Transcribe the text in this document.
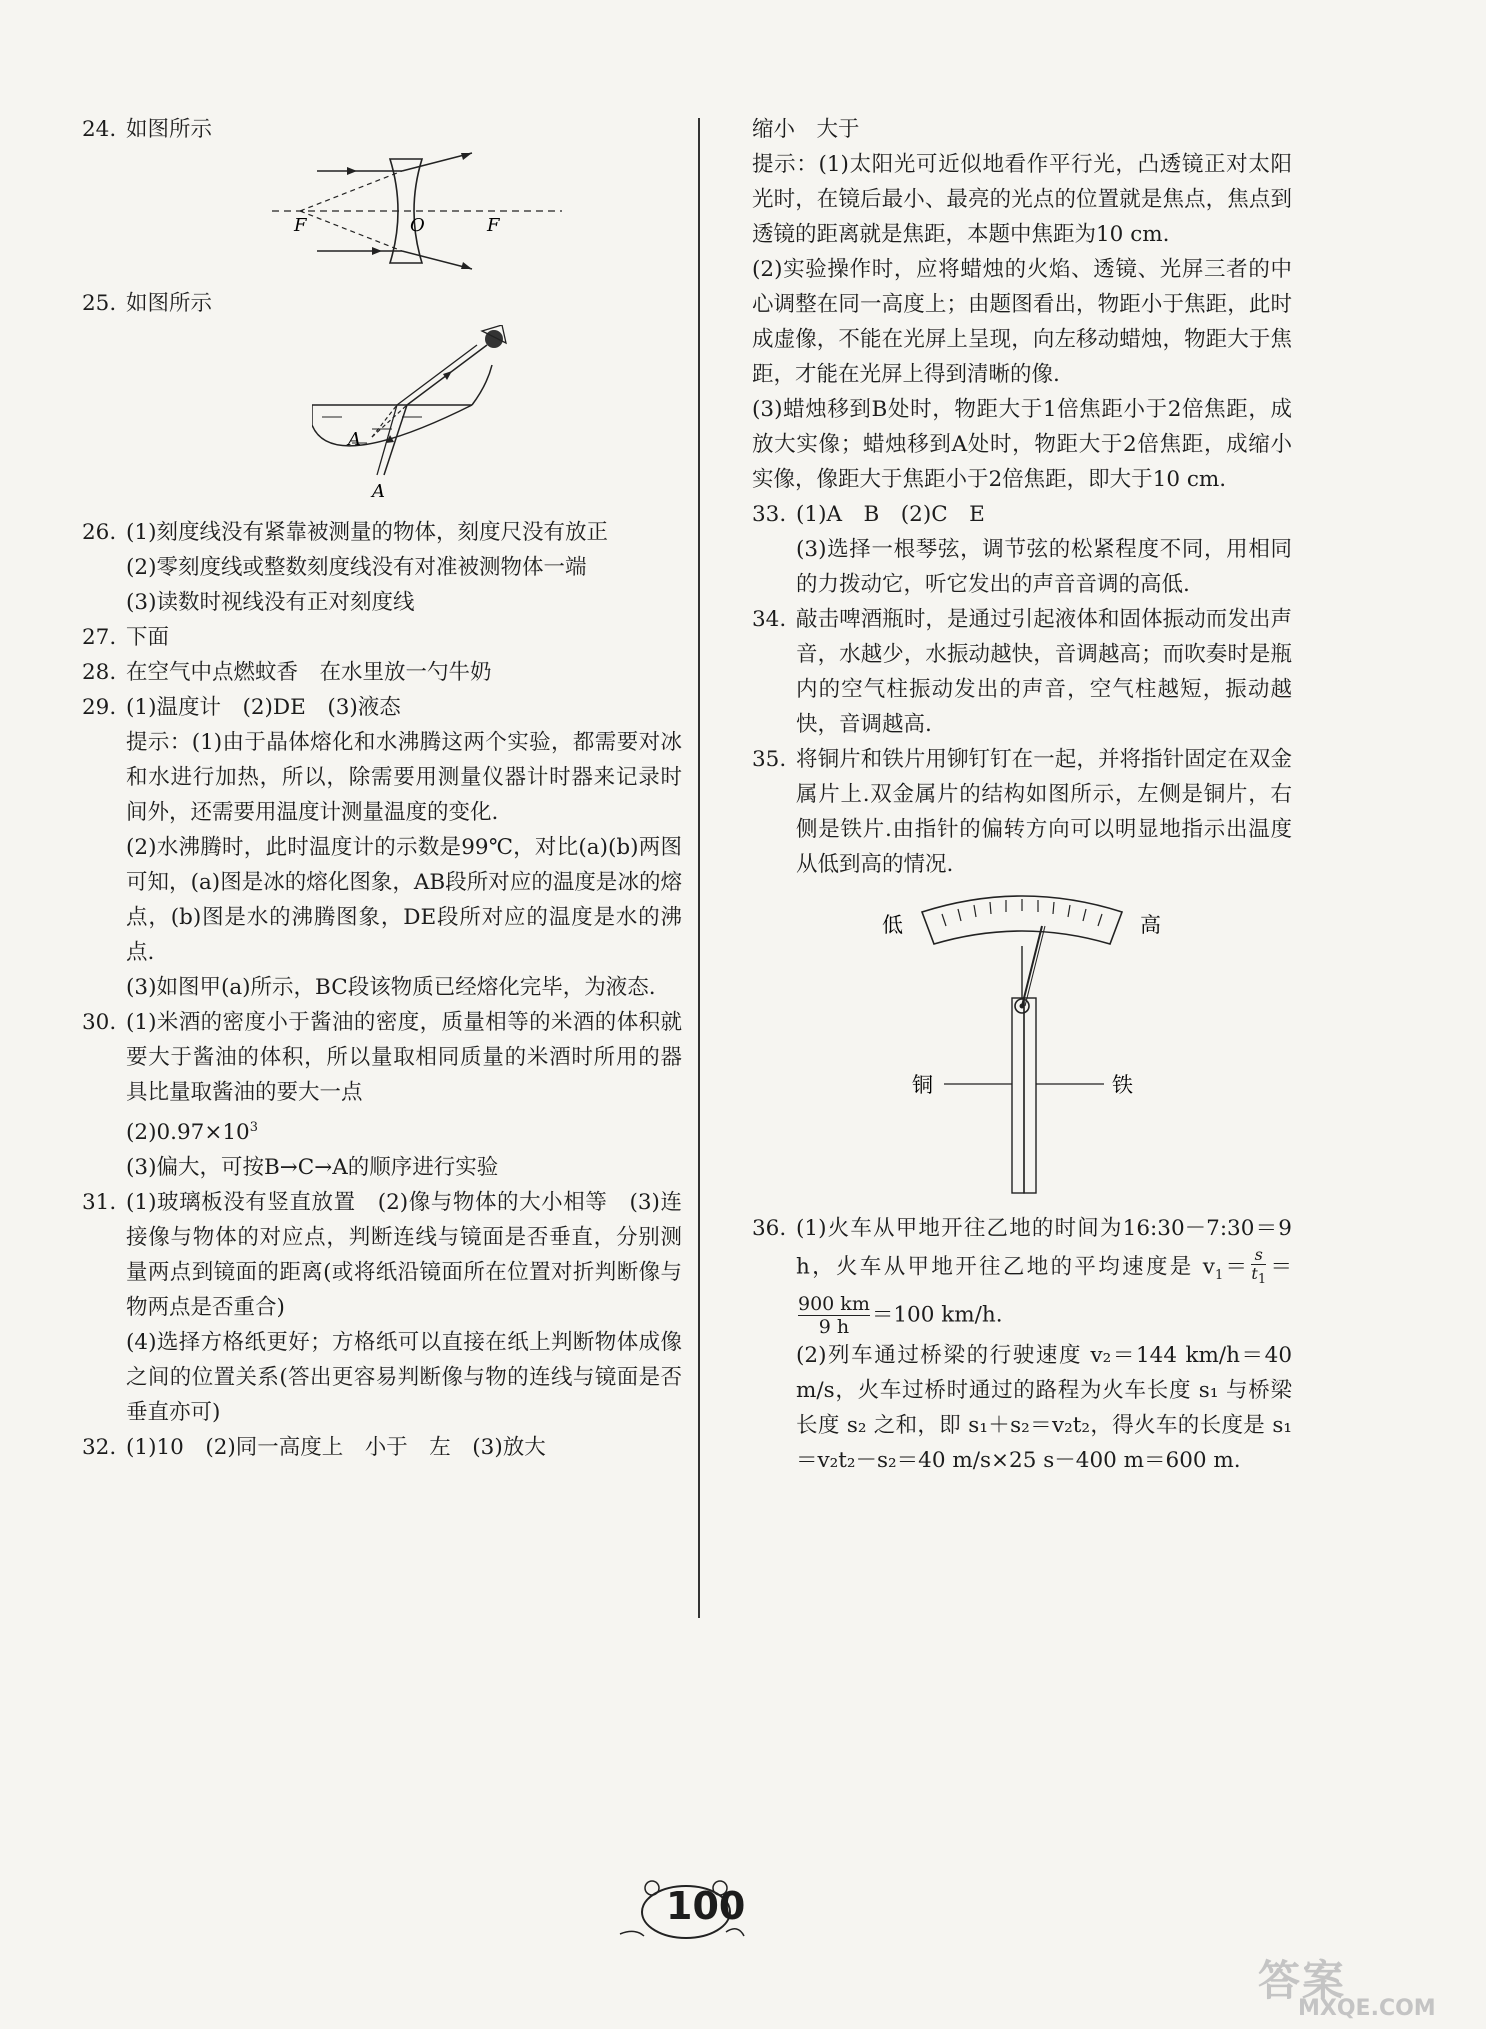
24. 如图所示
F	O	F
25. 如图所示
A
A
26. (1)刻度线没有紧靠被测量的物体，刻度尺没有放正
(2)零刻度线或整数刻度线没有对准被测物体一端
(3)读数时视线没有正对刻度线
27. 下面
28. 在空气中点燃蚊香　在水里放一勺牛奶
29. (1)温度计　(2)DE　(3)液态
提示：(1)由于晶体熔化和水沸腾这两个实验，都需要对冰和水进行加热，所以，除需要用测量仪器计时器来记录时间外，还需要用温度计测量温度的变化.
(2)水沸腾时，此时温度计的示数是99℃，对比(a)(b)两图可知，(a)图是冰的熔化图象，AB段所对应的温度是冰的熔点，(b)图是水的沸腾图象，DE段所对应的温度是水的沸点.
(3)如图甲(a)所示，BC段该物质已经熔化完毕，为液态.
30. (1)米酒的密度小于酱油的密度，质量相等的米酒的体积就要大于酱油的体积，所以量取相同质量的米酒时所用的器具比量取酱油的要大一点
$(2)0.97\times 10^3$
(3)偏大，可按B→C→A的顺序进行实验
31. (1)玻璃板没有竖直放置　(2)像与物体的大小相等　(3)连接像与物体的对应点，判断连线与镜面是否垂直，分别测量两点到镜面的距离(或将纸沿镜面所在位置对折判断像与物两点是否重合)
(4)选择方格纸更好；方格纸可以直接在纸上判断物体成像之间的位置关系(答出更容易判断像与物的连线与镜面是否垂直亦可)
32. (1)10　(2)同一高度上　小于　左　(3)放大
缩小　大于
提示：(1)太阳光可近似地看作平行光，凸透镜正对太阳光时，在镜后最小、最亮的光点的位置就是焦点，焦点到透镜的距离就是焦距，本题中焦距为10 cm.
(2)实验操作时，应将蜡烛的火焰、透镜、光屏三者的中心调整在同一高度上；由题图看出，物距小于焦距，此时成虚像，不能在光屏上呈现，向左移动蜡烛，物距大于焦距，才能在光屏上得到清晰的像.
(3)蜡烛移到B处时，物距大于1倍焦距小于2倍焦距，成放大实像；蜡烛移到A处时，物距大于2倍焦距，成缩小实像，像距大于焦距小于2倍焦距，即大于10 cm.
33. (1)A　B　(2)C　E
(3)选择一根琴弦，调节弦的松紧程度不同，用相同的力拨动它，听它发出的声音音调的高低.
34. 敲击啤酒瓶时，是通过引起液体和固体振动而发出声音，水越少，水振动越快，音调越高；而吹奏时是瓶内的空气柱振动发出的声音，空气柱越短，振动越快，音调越高.
35. 将铜片和铁片用铆钉钉在一起，并将指针固定在双金属片上.双金属片的结构如图所示，左侧是铜片，右侧是铁片.由指针的偏转方向可以明显地指示出温度从低到高的情况.
低	高
铜	铁
36. (1)火车从甲地开往乙地的时间为16:30－7:30＝9 h，火车从甲地开往乙地的平均速度是 $v_1= \frac{s}{t_1}$ ＝
$\frac{900 km}{9 h} =100$ km/h.
(2)列车通过桥梁的行驶速度 v₂＝144 km/h＝40 m/s，火车过桥时通过的路程为火车长度 s₁ 与桥梁长度 s₂ 之和，即 s₁＋s₂＝v₂t₂，得火车的长度是 s₁＝v₂t₂－s₂＝40 m/s×25 s－400 m＝600 m.
100
答案
MXQE.COM
